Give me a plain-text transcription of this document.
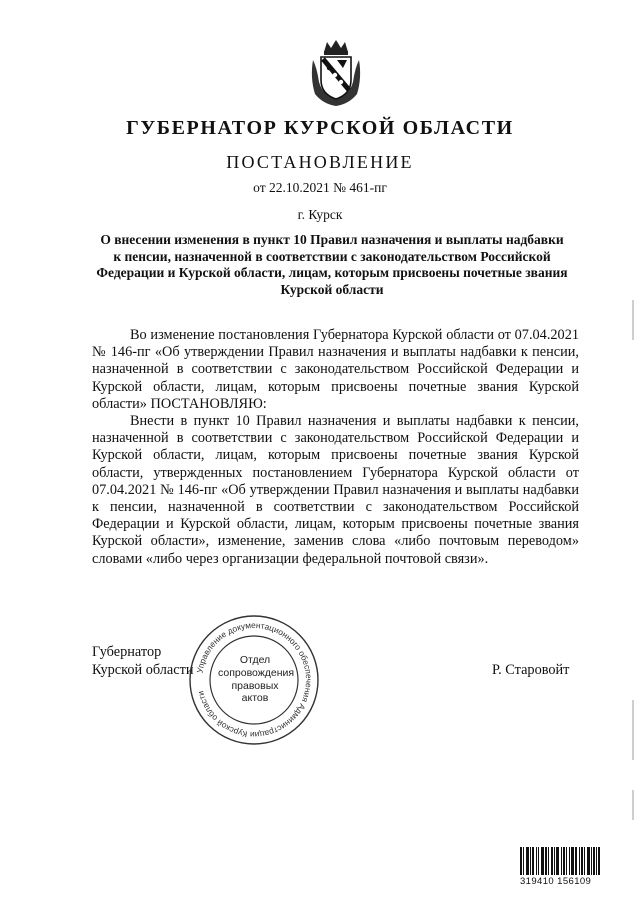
ГУБЕРНАТОР КУРСКОЙ ОБЛАСТИ
ПОСТАНОВЛЕНИЕ
от 22.10.2021 № 461-пг
г. Курск
О внесении изменения в пункт 10 Правил назначения и выплаты надбавки к пенсии, назначенной в соответствии с законодательством Российской Федерации и Курской области, лицам, которым присвоены почетные звания Курской области

Во изменение постановления Губернатора Курской области от 07.04.2021 № 146-пг «Об утверждении Правил назначения и выплаты надбавки к пенсии, назначенной в соответствии с законодательством Российской Федерации и Курской области, лицам, которым присвоены почетные звания Курской области» ПОСТАНОВЛЯЮ:

Внести в пункт 10 Правил назначения и выплаты надбавки к пенсии, назначенной в соответствии с законодательством Российской Федерации и Курской области, лицам, которым присвоены почетные звания Курской области, утвержденных постановлением Губернатора Курской области от 07.04.2021 № 146-пг «Об утверждении Правил назначения и выплаты надбавки к пенсии, назначенной в соответствии с законодательством Российской Федерации и Курской области, лицам, которым присвоены почетные звания Курской области», изменение, заменив слова «либо почтовым переводом» словами «либо через организации федеральной почтовой связи».

Губернатор
Курской области	Р. Старовойт
Управление документационного обеспечения Администрации Курской области
Отдел сопровождения правовых актов
319410 156109
